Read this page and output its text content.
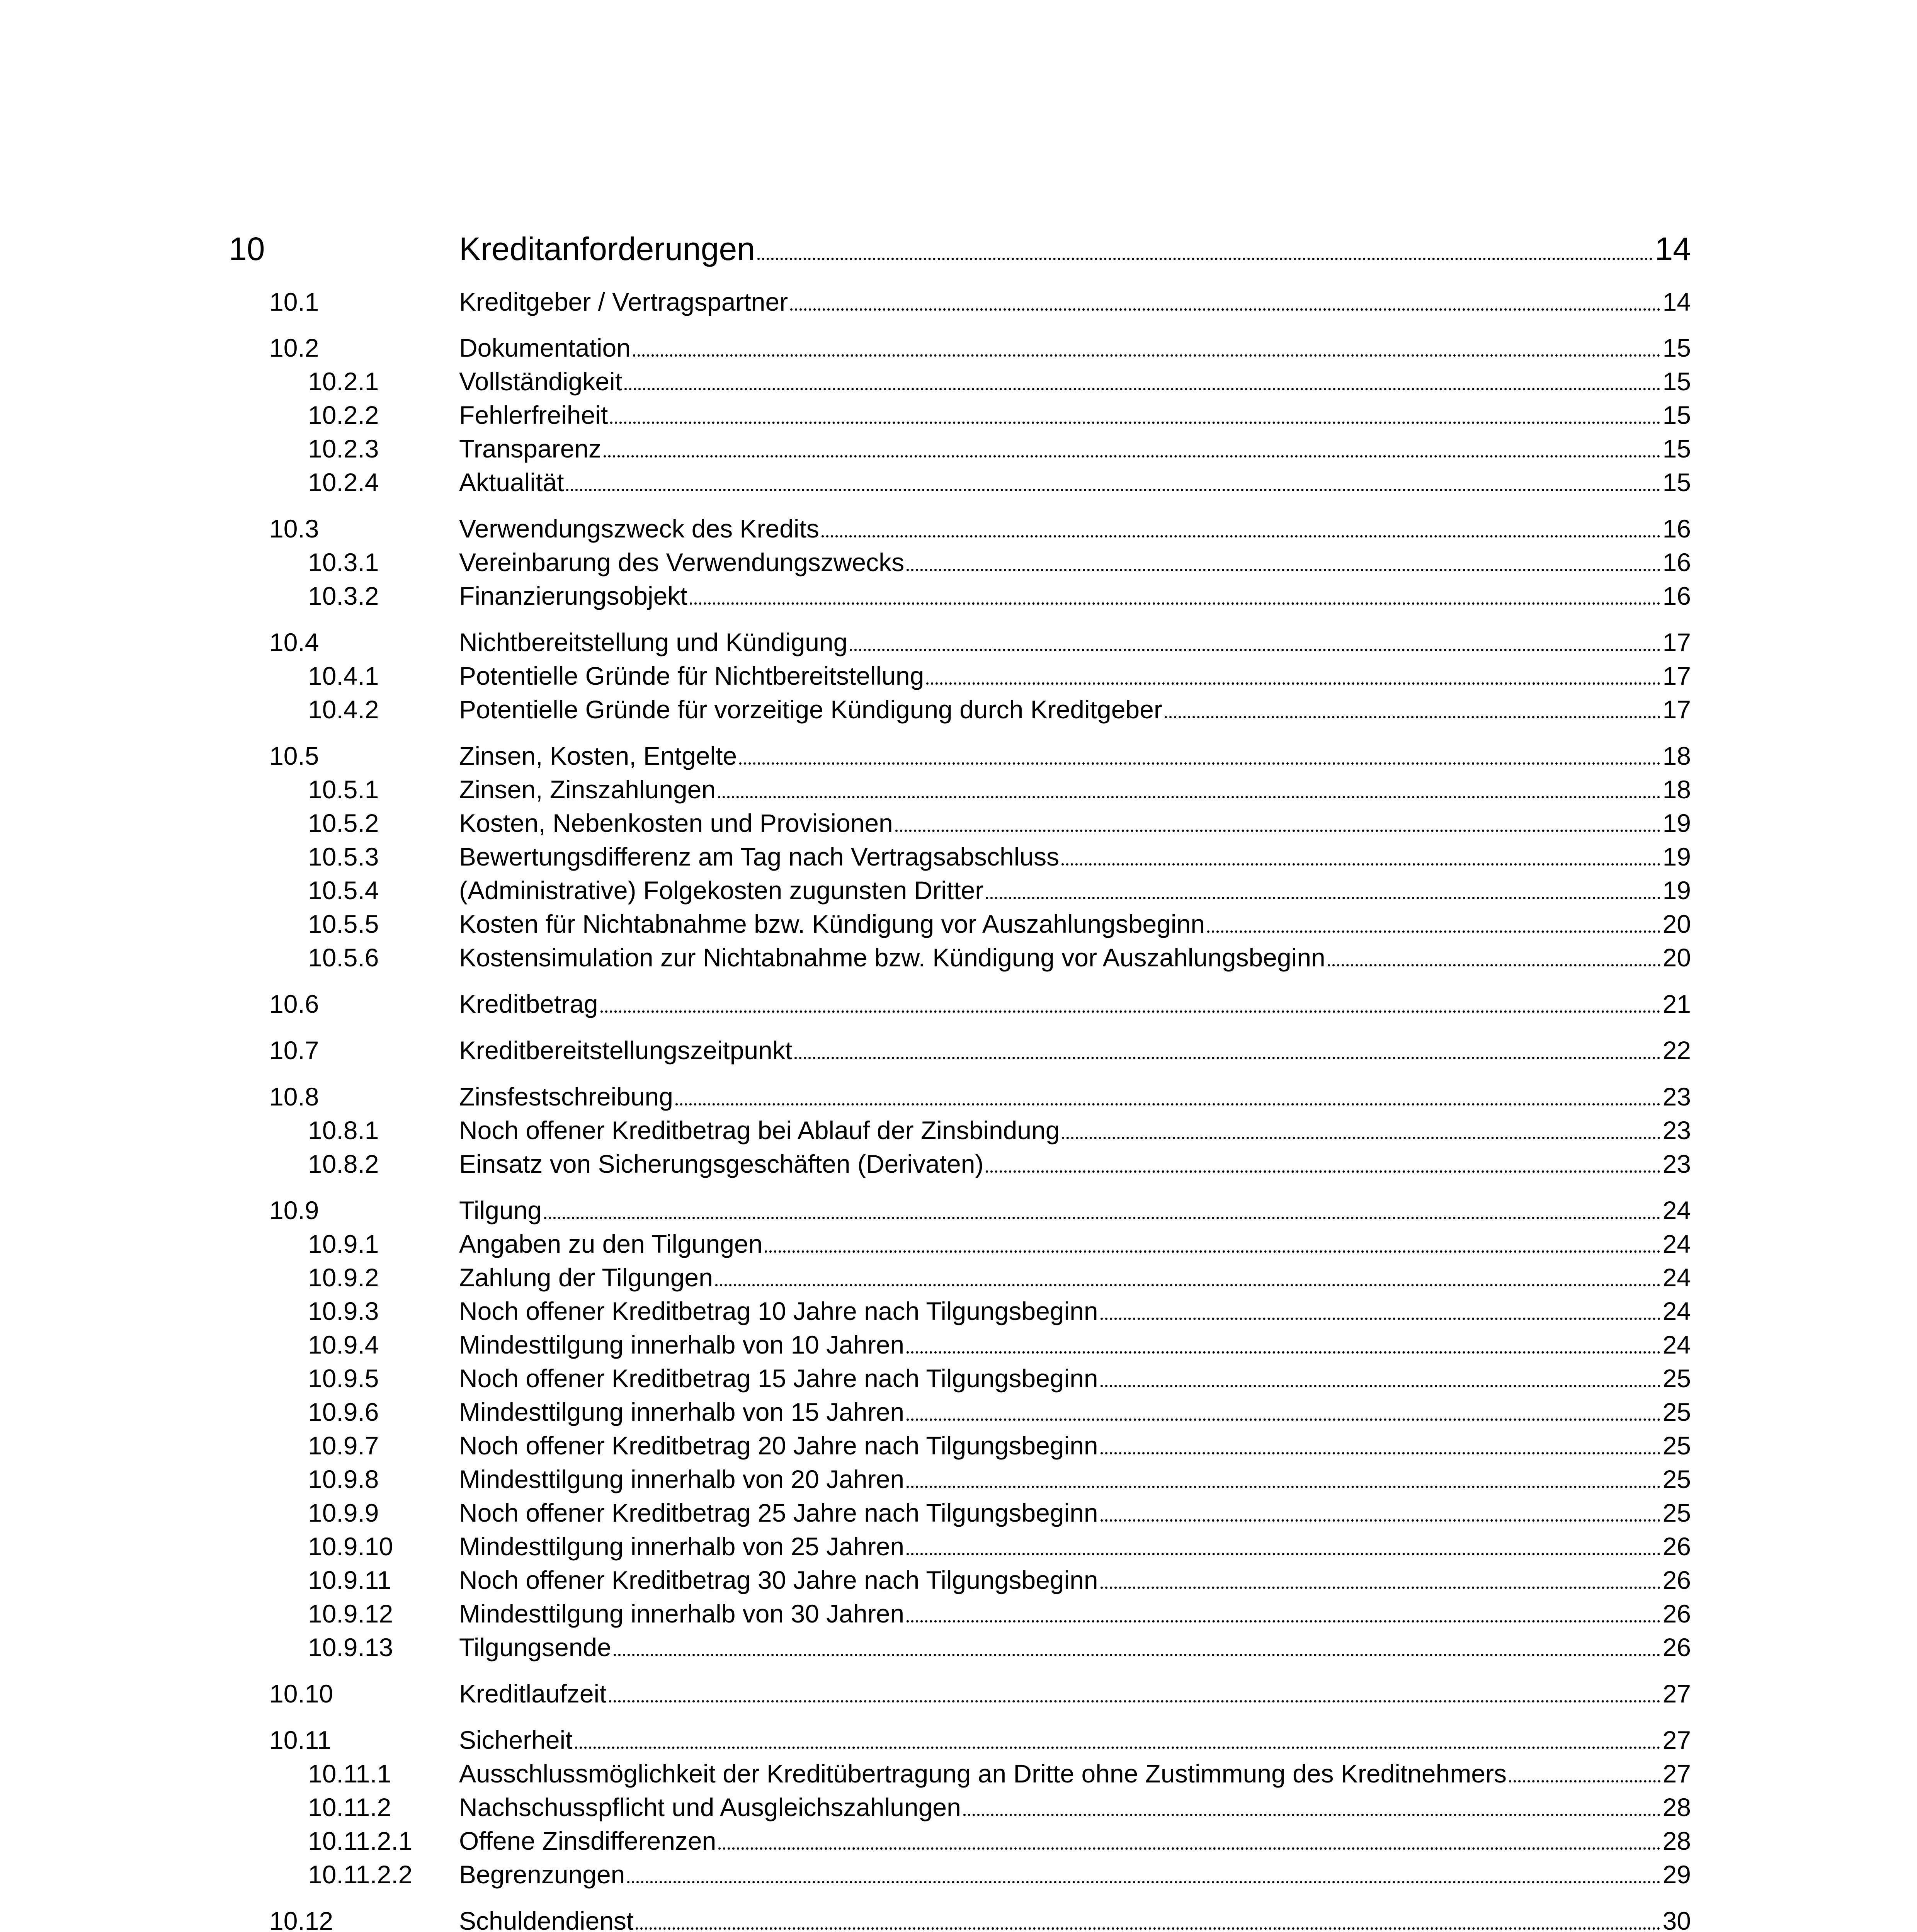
10	Kreditanforderungen	14
10.1	Kreditgeber / Vertragspartner	14
10.2	Dokumentation	15
10.2.1	Vollständigkeit	15
10.2.2	Fehlerfreiheit	15
10.2.3	Transparenz	15
10.2.4	Aktualität	15
10.3	Verwendungszweck des Kredits	16
10.3.1	Vereinbarung des Verwendungszwecks	16
10.3.2	Finanzierungsobjekt	16
10.4	Nichtbereitstellung und Kündigung	17
10.4.1	Potentielle Gründe für Nichtbereitstellung	17
10.4.2	Potentielle Gründe für vorzeitige Kündigung durch Kreditgeber	17
10.5	Zinsen, Kosten, Entgelte	18
10.5.1	Zinsen, Zinszahlungen	18
10.5.2	Kosten, Nebenkosten und Provisionen	19
10.5.3	Bewertungsdifferenz am Tag nach Vertragsabschluss	19
10.5.4	(Administrative) Folgekosten zugunsten Dritter	19
10.5.5	Kosten für Nichtabnahme bzw. Kündigung vor Auszahlungsbeginn	20
10.5.6	Kostensimulation zur Nichtabnahme bzw. Kündigung vor Auszahlungsbeginn	20
10.6	Kreditbetrag	21
10.7	Kreditbereitstellungszeitpunkt	22
10.8	Zinsfestschreibung	23
10.8.1	Noch offener Kreditbetrag bei Ablauf der Zinsbindung	23
10.8.2	Einsatz von Sicherungsgeschäften (Derivaten)	23
10.9	Tilgung	24
10.9.1	Angaben zu den Tilgungen	24
10.9.2	Zahlung der Tilgungen	24
10.9.3	Noch offener Kreditbetrag 10 Jahre nach Tilgungsbeginn	24
10.9.4	Mindesttilgung innerhalb von 10 Jahren	24
10.9.5	Noch offener Kreditbetrag 15 Jahre nach Tilgungsbeginn	25
10.9.6	Mindesttilgung innerhalb von 15 Jahren	25
10.9.7	Noch offener Kreditbetrag 20 Jahre nach Tilgungsbeginn	25
10.9.8	Mindesttilgung innerhalb von 20 Jahren	25
10.9.9	Noch offener Kreditbetrag 25 Jahre nach Tilgungsbeginn	25
10.9.10	Mindesttilgung innerhalb von 25 Jahren	26
10.9.11	Noch offener Kreditbetrag 30 Jahre nach Tilgungsbeginn	26
10.9.12	Mindesttilgung innerhalb von 30 Jahren	26
10.9.13	Tilgungsende	26
10.10	Kreditlaufzeit	27
10.11	Sicherheit	27
10.11.1	Ausschlussmöglichkeit der Kreditübertragung an Dritte ohne Zustimmung des Kreditnehmers	27
10.11.2	Nachschusspflicht und Ausgleichszahlungen	28
10.11.2.1 Offene Zinsdifferenzen	28
10.11.2.2 Begrenzungen	29
10.12	Schuldendienst	30
